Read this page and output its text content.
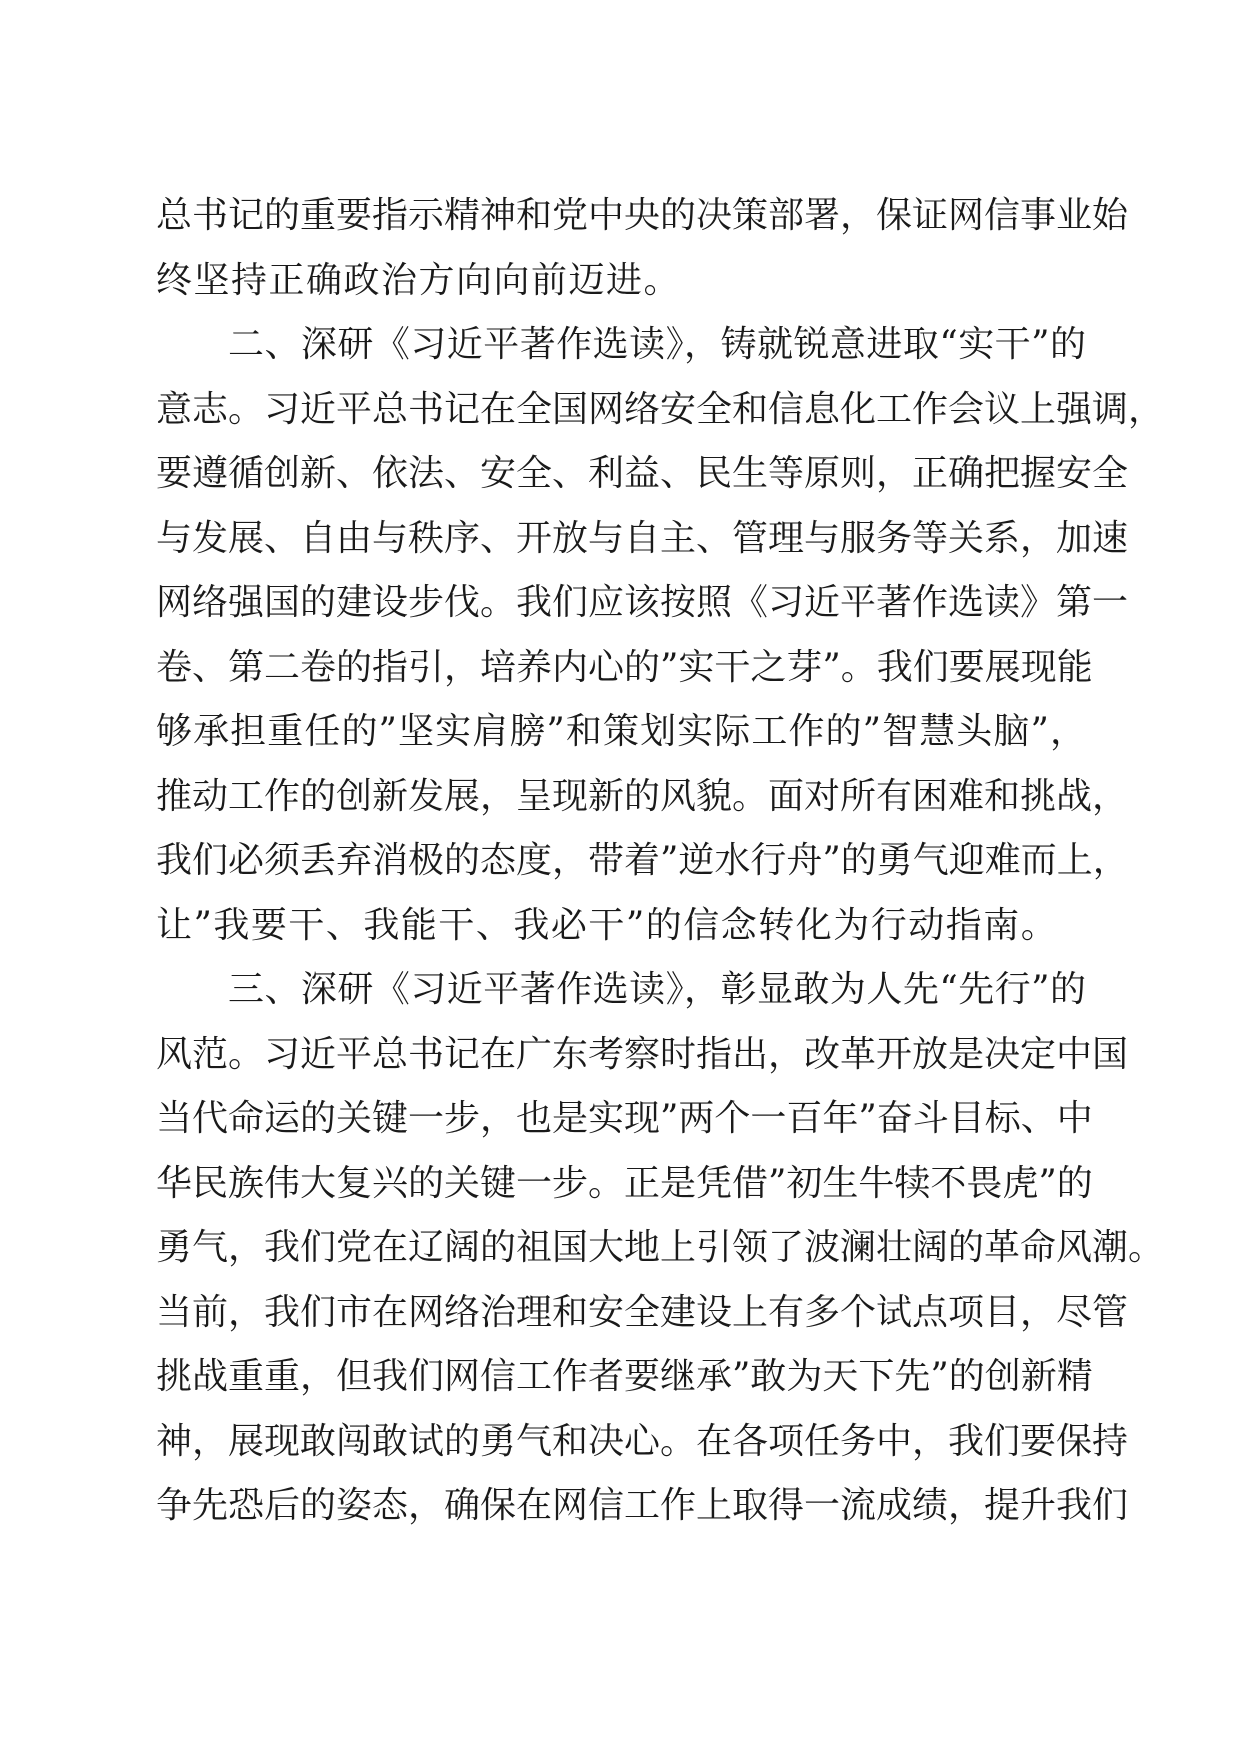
总书记的重要指示精神和党中央的决策部署，保证网信事业始
终坚持正确政治方向向前迈进。
二、深研《习近平著作选读》，铸就锐意进取“实干”的
意志。习近平总书记在全国网络安全和信息化工作会议上强调，
要遵循创新、依法、安全、利益、民生等原则，正确把握安全
与发展、自由与秩序、开放与自主、管理与服务等关系，加速
网络强国的建设步伐。我们应该按照《习近平著作选读》第一
卷、第二卷的指引，培养内心的”实干之芽”。我们要展现能
够承担重任的”坚实肩膀”和策划实际工作的”智慧头脑”，
推动工作的创新发展，呈现新的风貌。面对所有困难和挑战，
我们必须丢弃消极的态度，带着”逆水行舟”的勇气迎难而上，
让”我要干、我能干、我必干”的信念转化为行动指南。
三、深研《习近平著作选读》，彰显敢为人先“先行”的
风范。习近平总书记在广东考察时指出，改革开放是决定中国
当代命运的关键一步，也是实现”两个一百年”奋斗目标、中
华民族伟大复兴的关键一步。正是凭借”初生牛犊不畏虎”的
勇气，我们党在辽阔的祖国大地上引领了波澜壮阔的革命风潮。
当前，我们市在网络治理和安全建设上有多个试点项目，尽管
挑战重重，但我们网信工作者要继承”敢为天下先”的创新精
神，展现敢闯敢试的勇气和决心。在各项任务中，我们要保持
争先恐后的姿态，确保在网信工作上取得一流成绩，提升我们
